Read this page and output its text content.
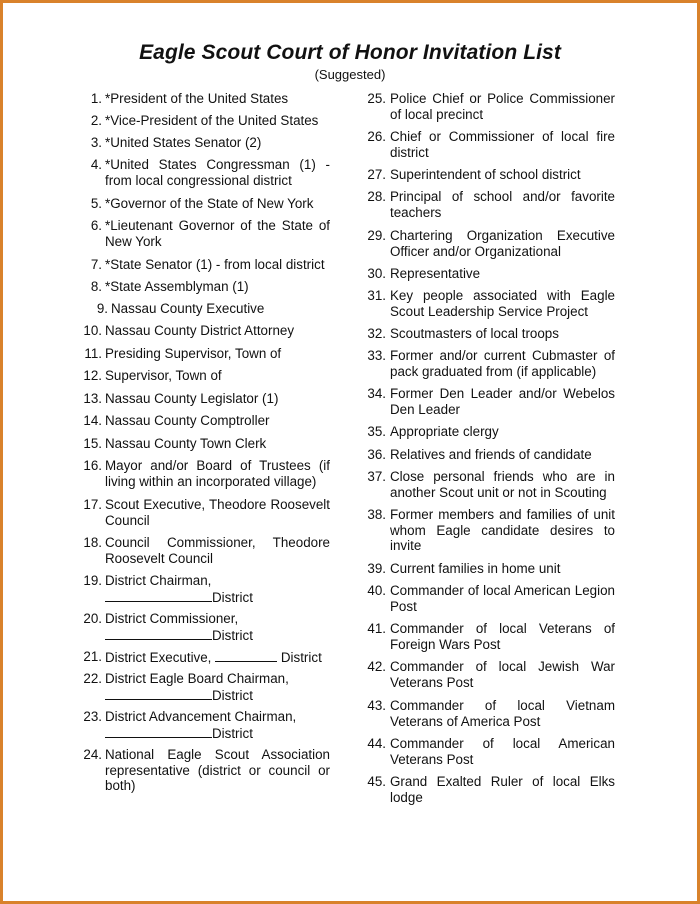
Eagle Scout Court of Honor Invitation List
(Suggested)
1. *President of the United States
2. *Vice-President of the United States
3. *United States Senator (2)
4. *United States Congressman (1) - from local congressional district
5. *Governor of the State of New York
6. *Lieutenant Governor of the State of New York
7. *State Senator (1) - from local district
8. *State Assemblyman (1)
9. Nassau County Executive
10. Nassau County District Attorney
11. Presiding Supervisor, Town of
12. Supervisor, Town of
13. Nassau County Legislator (1)
14. Nassau County Comptroller
15. Nassau County Town Clerk
16. Mayor and/or Board of Trustees (if living within an incorporated village)
17. Scout Executive, Theodore Roosevelt Council
18. Council Commissioner, Theodore Roosevelt Council
19. District Chairman,
District
20. District Commissioner,
District
21. District Executive,	District
22. District Eagle Board Chairman,
District
23. District Advancement Chairman,
District
24. National Eagle Scout Association representative (district or council or both)
25. Police Chief or Police Commissioner of local precinct
26. Chief or Commissioner of local fire district
27. Superintendent of school district
28. Principal of school and/or favorite teachers
29. Chartering Organization Executive Officer and/or Organizational
30. Representative
31. Key people associated with Eagle Scout Leadership Service Project
32. Scoutmasters of local troops
33. Former and/or current Cubmaster of pack graduated from (if applicable)
34. Former Den Leader and/or Webelos Den Leader
35. Appropriate clergy
36. Relatives and friends of candidate
37. Close personal friends who are in another Scout unit or not in Scouting
38. Former members and families of unit whom Eagle candidate desires to invite
39. Current families in home unit
40. Commander of local American Legion Post
41. Commander of local Veterans of Foreign Wars Post
42. Commander of local Jewish War Veterans Post
43. Commander of local Vietnam Veterans of America Post
44. Commander of local American Veterans Post
45. Grand Exalted Ruler of local Elks lodge
